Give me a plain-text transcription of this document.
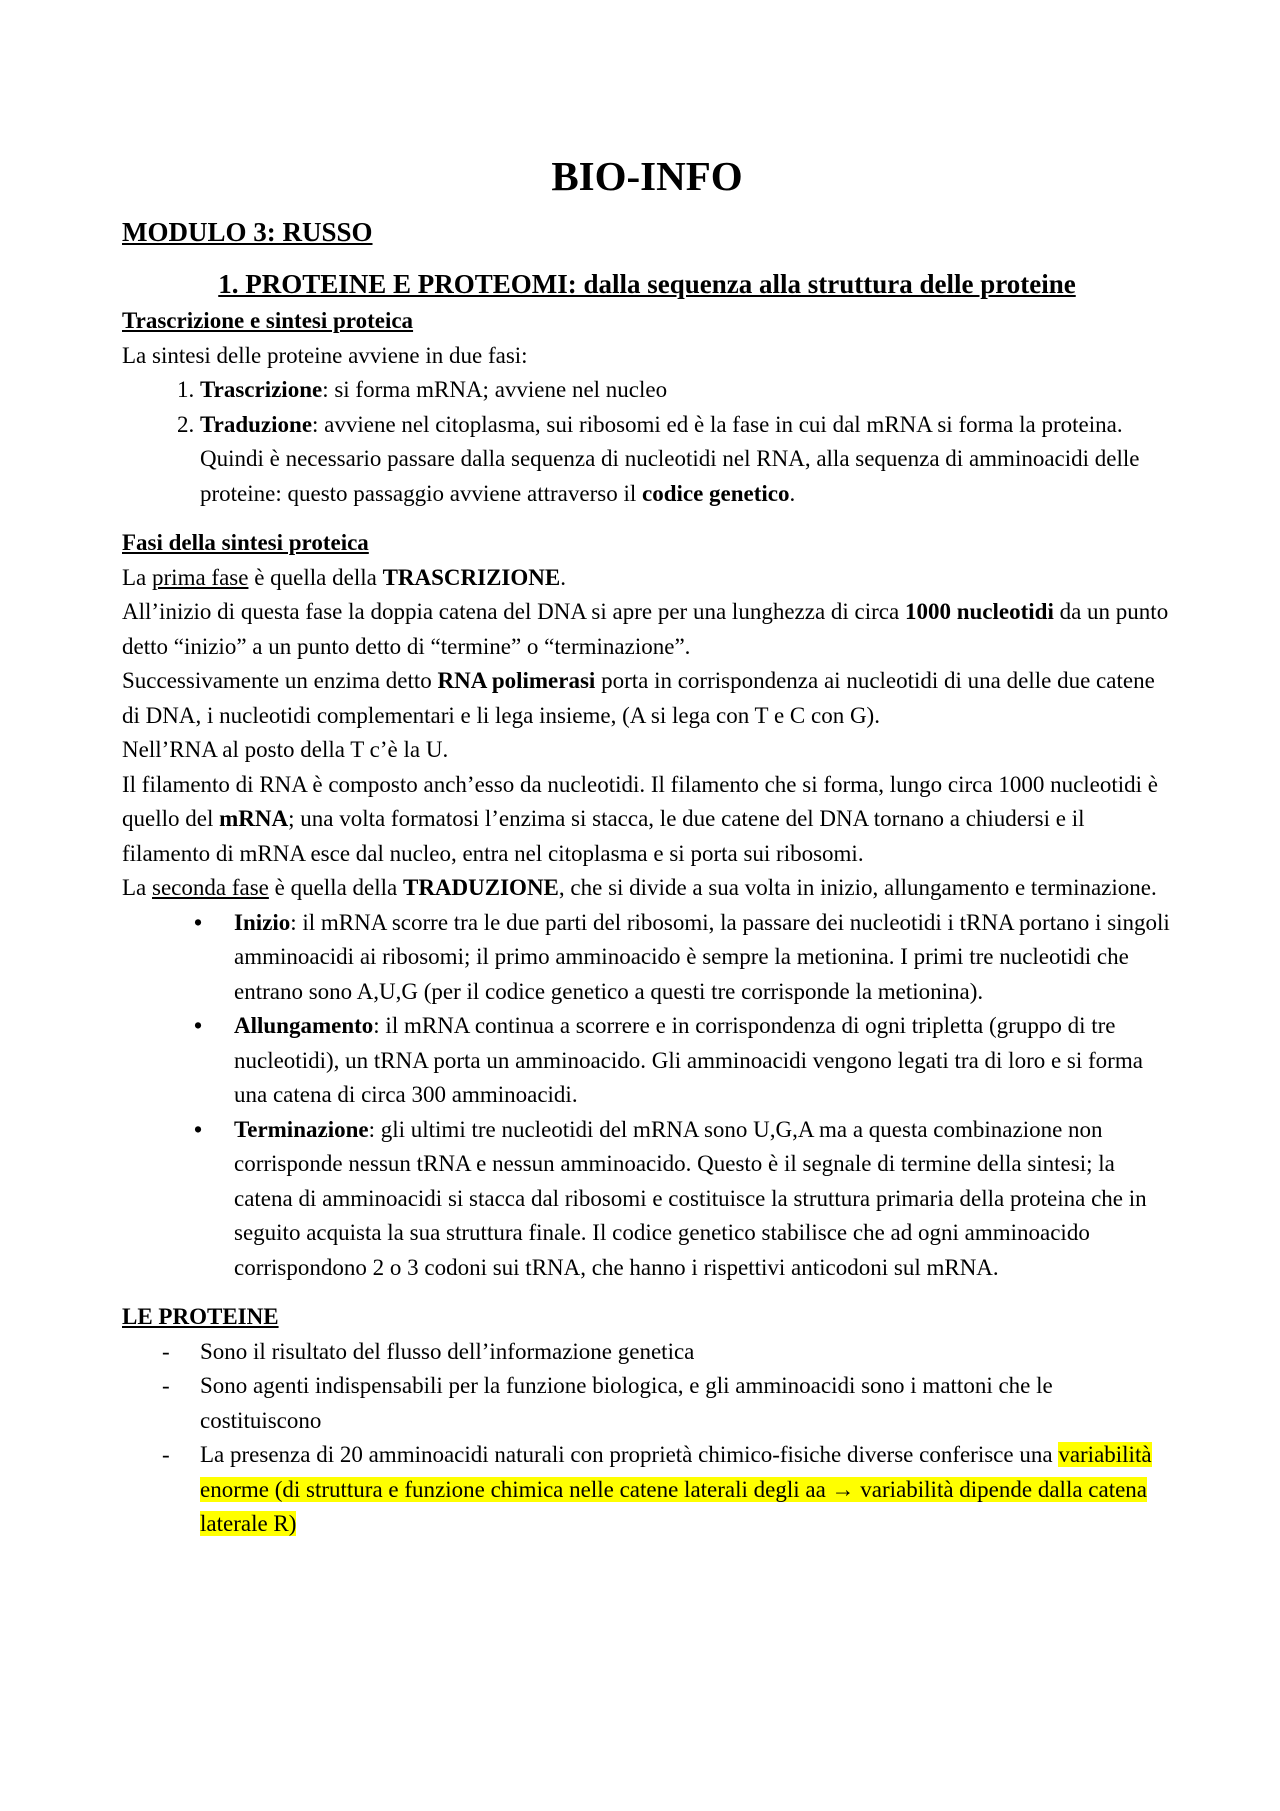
BIO-INFO
MODULO 3: RUSSO
1. PROTEINE E PROTEOMI: dalla sequenza alla struttura delle proteine
Trascrizione e sintesi proteica
La sintesi delle proteine avviene in due fasi:
1. Trascrizione: si forma mRNA; avviene nel nucleo
2. Traduzione: avviene nel citoplasma, sui ribosomi ed è la fase in cui dal mRNA si forma la proteina. Quindi è necessario passare dalla sequenza di nucleotidi nel RNA, alla sequenza di amminoacidi delle proteine: questo passaggio avviene attraverso il codice genetico.
Fasi della sintesi proteica
La prima fase è quella della TRASCRIZIONE.
All’inizio di questa fase la doppia catena del DNA si apre per una lunghezza di circa 1000 nucleotidi da un punto detto “inizio” a un punto detto di “termine” o “terminazione”.
Successivamente un enzima detto RNA polimerasi porta in corrispondenza ai nucleotidi di una delle due catene di DNA, i nucleotidi complementari e li lega insieme, (A si lega con T e C con G).
Nell’RNA al posto della T c’è la U.
Il filamento di RNA è composto anch’esso da nucleotidi. Il filamento che si forma, lungo circa 1000 nucleotidi è quello del mRNA; una volta formatosi l’enzima si stacca, le due catene del DNA tornano a chiudersi e il filamento di mRNA esce dal nucleo, entra nel citoplasma e si porta sui ribosomi.
La seconda fase è quella della TRADUZIONE, che si divide a sua volta in inizio, allungamento e terminazione.
• Inizio: il mRNA scorre tra le due parti del ribosomi, la passare dei nucleotidi i tRNA portano i singoli amminoacidi ai ribosomi; il primo amminoacido è sempre la metionina. I primi tre nucleotidi che entrano sono A,U,G (per il codice genetico a questi tre corrisponde la metionina).
• Allungamento: il mRNA continua a scorrere e in corrispondenza di ogni tripletta (gruppo di tre nucleotidi), un tRNA porta un amminoacido. Gli amminoacidi vengono legati tra di loro e si forma una catena di circa 300 amminoacidi.
• Terminazione: gli ultimi tre nucleotidi del mRNA sono U,G,A ma a questa combinazione non corrisponde nessun tRNA e nessun amminoacido. Questo è il segnale di termine della sintesi; la catena di amminoacidi si stacca dal ribosomi e costituisce la struttura primaria della proteina che in seguito acquista la sua struttura finale. Il codice genetico stabilisce che ad ogni amminoacido corrispondono 2 o 3 codoni sui tRNA, che hanno i rispettivi anticodoni sul mRNA.
LE PROTEINE
- Sono il risultato del flusso dell’informazione genetica
- Sono agenti indispensabili per la funzione biologica, e gli amminoacidi sono i mattoni che le costituiscono
- La presenza di 20 amminoacidi naturali con proprietà chimico-fisiche diverse conferisce una variabilità enorme (di struttura e funzione chimica nelle catene laterali degli aa → variabilità dipende dalla catena laterale R)
